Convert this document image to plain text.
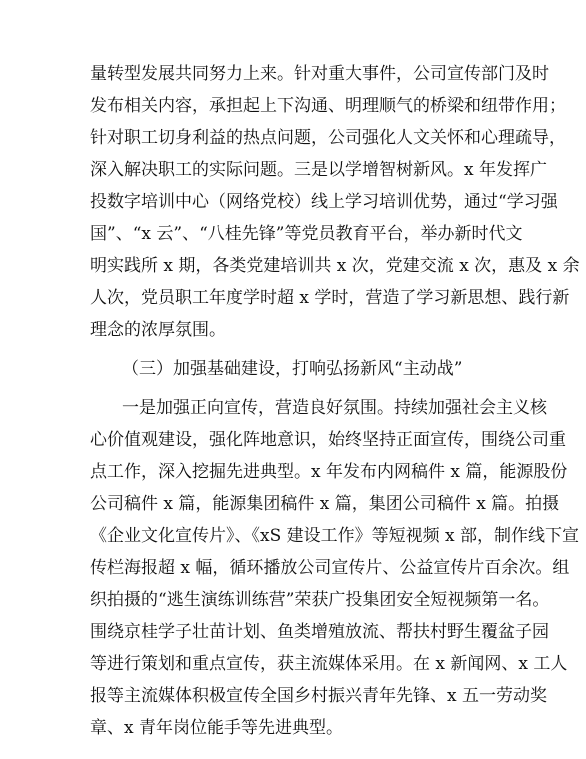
量转型发展共同努力上来。针对重大事件，公司宣传部门及时
发布相关内容，承担起上下沟通、明理顺气的桥梁和纽带作用；
针对职工切身利益的热点问题，公司强化人文关怀和心理疏导，
深入解决职工的实际问题。三是以学增智树新风。x 年发挥广
投数字培训中心（网络党校）线上学习培训优势，通过“学习强
国”、“x 云”、“八桂先锋”等党员教育平台，举办新时代文
明实践所 x 期，各类党建培训共 x 次，党建交流 x 次，惠及 x 余
人次，党员职工年度学时超 x 学时，营造了学习新思想、践行新
理念的浓厚氛围。
（三）加强基础建设，打响弘扬新风“主动战”
一是加强正向宣传，营造良好氛围。持续加强社会主义核
心价值观建设，强化阵地意识，始终坚持正面宣传，围绕公司重
点工作，深入挖掘先进典型。x 年发布内网稿件 x 篇，能源股份
公司稿件 x 篇，能源集团稿件 x 篇，集团公司稿件 x 篇。拍摄
《企业文化宣传片》、《xS 建设工作》等短视频 x 部，制作线下宣
传栏海报超 x 幅，循环播放公司宣传片、公益宣传片百余次。组
织拍摄的“逃生演练训练营”荣获广投集团安全短视频第一名。
围绕京桂学子壮苗计划、鱼类增殖放流、帮扶村野生覆盆子园
等进行策划和重点宣传，获主流媒体采用。在 x 新闻网、x 工人
报等主流媒体积极宣传全国乡村振兴青年先锋、x 五一劳动奖
章、x 青年岗位能手等先进典型。
